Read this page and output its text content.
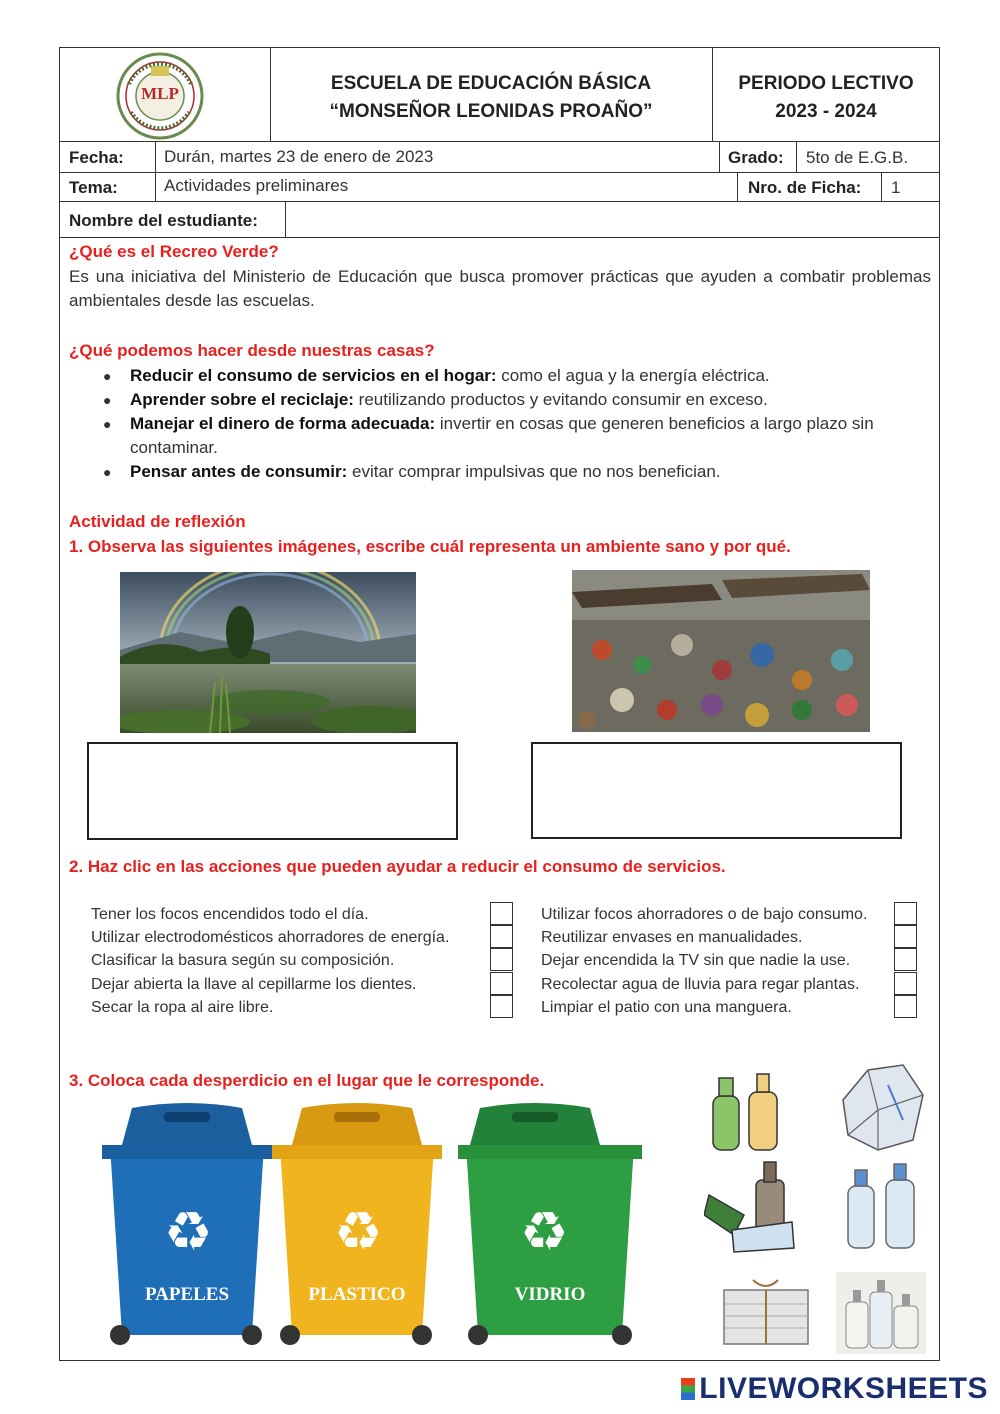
MLP	ESCUELA DE EDUCACIÓN BÁSICA
“MONSEÑOR LEONIDAS PROAÑO”
PERIODO LECTIVO
2023 - 2024
Fecha: Durán, martes 23 de enero de 2023	Grado: 5to de E.G.B.
Tema:	Actividades preliminares	Nro. de Ficha: 1
Nombre del estudiante:
¿Qué es el Recreo Verde?
Es una iniciativa del Ministerio de Educación que busca promover prácticas que ayuden a combatir problemas ambientales desde las escuelas.
¿Qué podemos hacer desde nuestras casas?
● Reducir el consumo de servicios en el hogar: como el agua y la energía eléctrica.
● Aprender sobre el reciclaje: reutilizando productos y evitando consumir en exceso.
● Manejar el dinero de forma adecuada: invertir en cosas que generen beneficios a largo plazo sin contaminar.
● Pensar antes de consumir: evitar comprar impulsivas que no nos benefician.
Actividad de reflexión
1. Observa las siguientes imágenes, escribe cuál representa un ambiente sano y por qué.
2. Haz clic en las acciones que pueden ayudar a reducir el consumo de servicios.
Tener los focos encendidos todo el día.
Utilizar electrodomésticos ahorradores de energía.
Clasificar la basura según su composición.
Dejar abierta la llave al cepillarme los dientes.
Secar la ropa al aire libre.
Utilizar focos ahorradores o de bajo consumo.
Reutilizar envases en manualidades.
Dejar encendida la TV sin que nadie la use.
Recolectar agua de lluvia para regar plantas.
Limpiar el patio con una manguera.
3. Coloca cada desperdicio en el lugar que le corresponde.
♻ ♻	♻
PAPELES	PLASTICO	VIDRIO
LIVEWORKSHEETS
